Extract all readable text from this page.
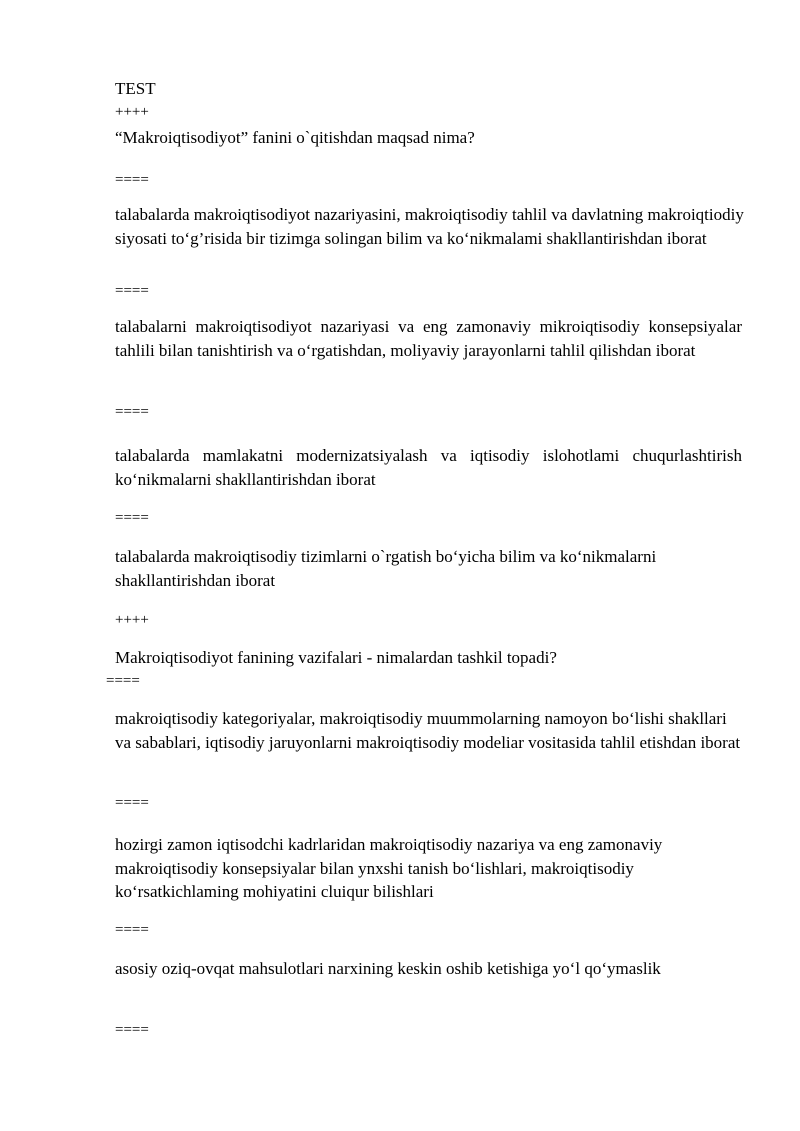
TEST
++++
“Makroiqtisodiyot” fanini o`qitishdan maqsad nima?
====
talabalarda makroiqtisodiyot nazariyasini, makroiqtisodiy tahlil va davlatning makroiqtiodiy siyosati to‘g’risida bir tizimga solingan bilim va ko‘nikmalami shakllantirishdan iborat
====
talabalarni makroiqtisodiyot nazariyasi va eng zamonaviy mikroiqtisodiy konsepsiyalar tahlili bilan tanishtirish va o‘rgatishdan, moliyaviy jarayonlarni tahlil qilishdan iborat
====
talabalarda mamlakatni modernizatsiyalash va iqtisodiy islohotlami chuqurlashtirish ko‘nikmalarni shakllantirishdan iborat
====
talabalarda makroiqtisodiy tizimlarni o`rgatish bo‘yicha bilim va ko‘nikmalarni shakllantirishdan iborat
++++
Makroiqtisodiyot fanining vazifalari - nimalardan tashkil topadi?
====
makroiqtisodiy kategoriyalar, makroiqtisodiy muummolarning namoyon bo‘lishi shakllari va sabablari, iqtisodiy jaruyonlarni makroiqtisodiy modeliar vositasida tahlil etishdan iborat
====
hozirgi zamon iqtisodchi kadrlaridan makroiqtisodiy nazariya va eng zamonaviy makroiqtisodiy konsepsiyalar bilan ynxshi tanish bo‘lishlari, makroiqtisodiy ko‘rsatkichlaming mohiyatini cluiqur bilishlari
====
asosiy oziq-ovqat mahsulotlari narxining keskin oshib ketishiga yo‘l qo‘ymaslik
====
